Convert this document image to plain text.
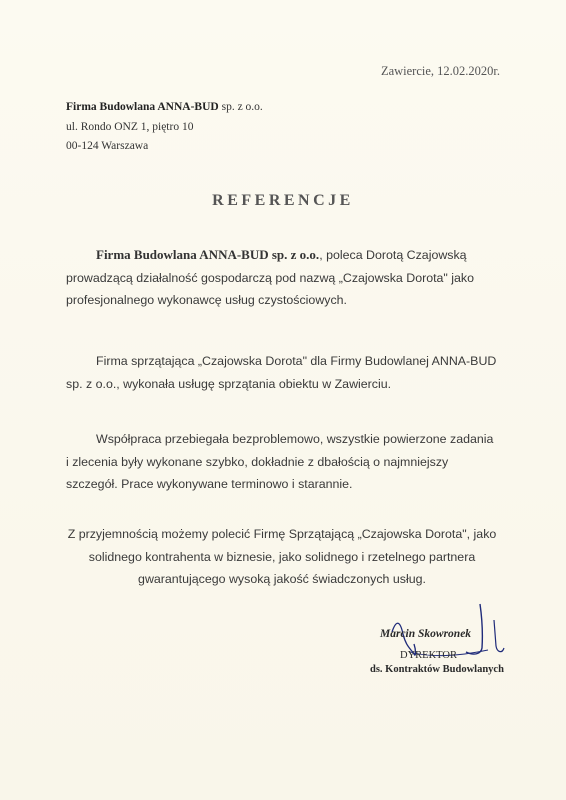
Zawiercie, 12.02.2020r.
Firma Budowlana ANNA-BUD sp. z o.o.
ul. Rondo ONZ 1, piętro 10
00-124 Warszawa
REFERENCJE
Firma Budowlana ANNA-BUD sp. z o.o., poleca Dorotą Czajowską prowadzącą działalność gospodarczą pod nazwą „Czajowska Dorota" jako profesjonalnego wykonawcę usług czystościowych.
Firma sprzątająca „Czajowska Dorota" dla Firmy Budowlanej ANNA-BUD sp. z o.o., wykonała usługę sprzątania obiektu w Zawierciu.
Współpraca przebiegała bezproblemowo, wszystkie powierzone zadania i zlecenia były wykonane szybko, dokładnie z dbałością o najmniejszy szczegół. Prace wykonywane terminowo i starannie.
Z przyjemnością możemy polecić Firmę Sprzątającą „Czajowska Dorota", jako solidnego kontrahenta w biznesie, jako solidnego i rzetelnego partnera gwarantującego wysoką jakość świadczonych usług.
Marcin Skowronek
DYREKTOR
ds. Kontraktów Budowlanych
